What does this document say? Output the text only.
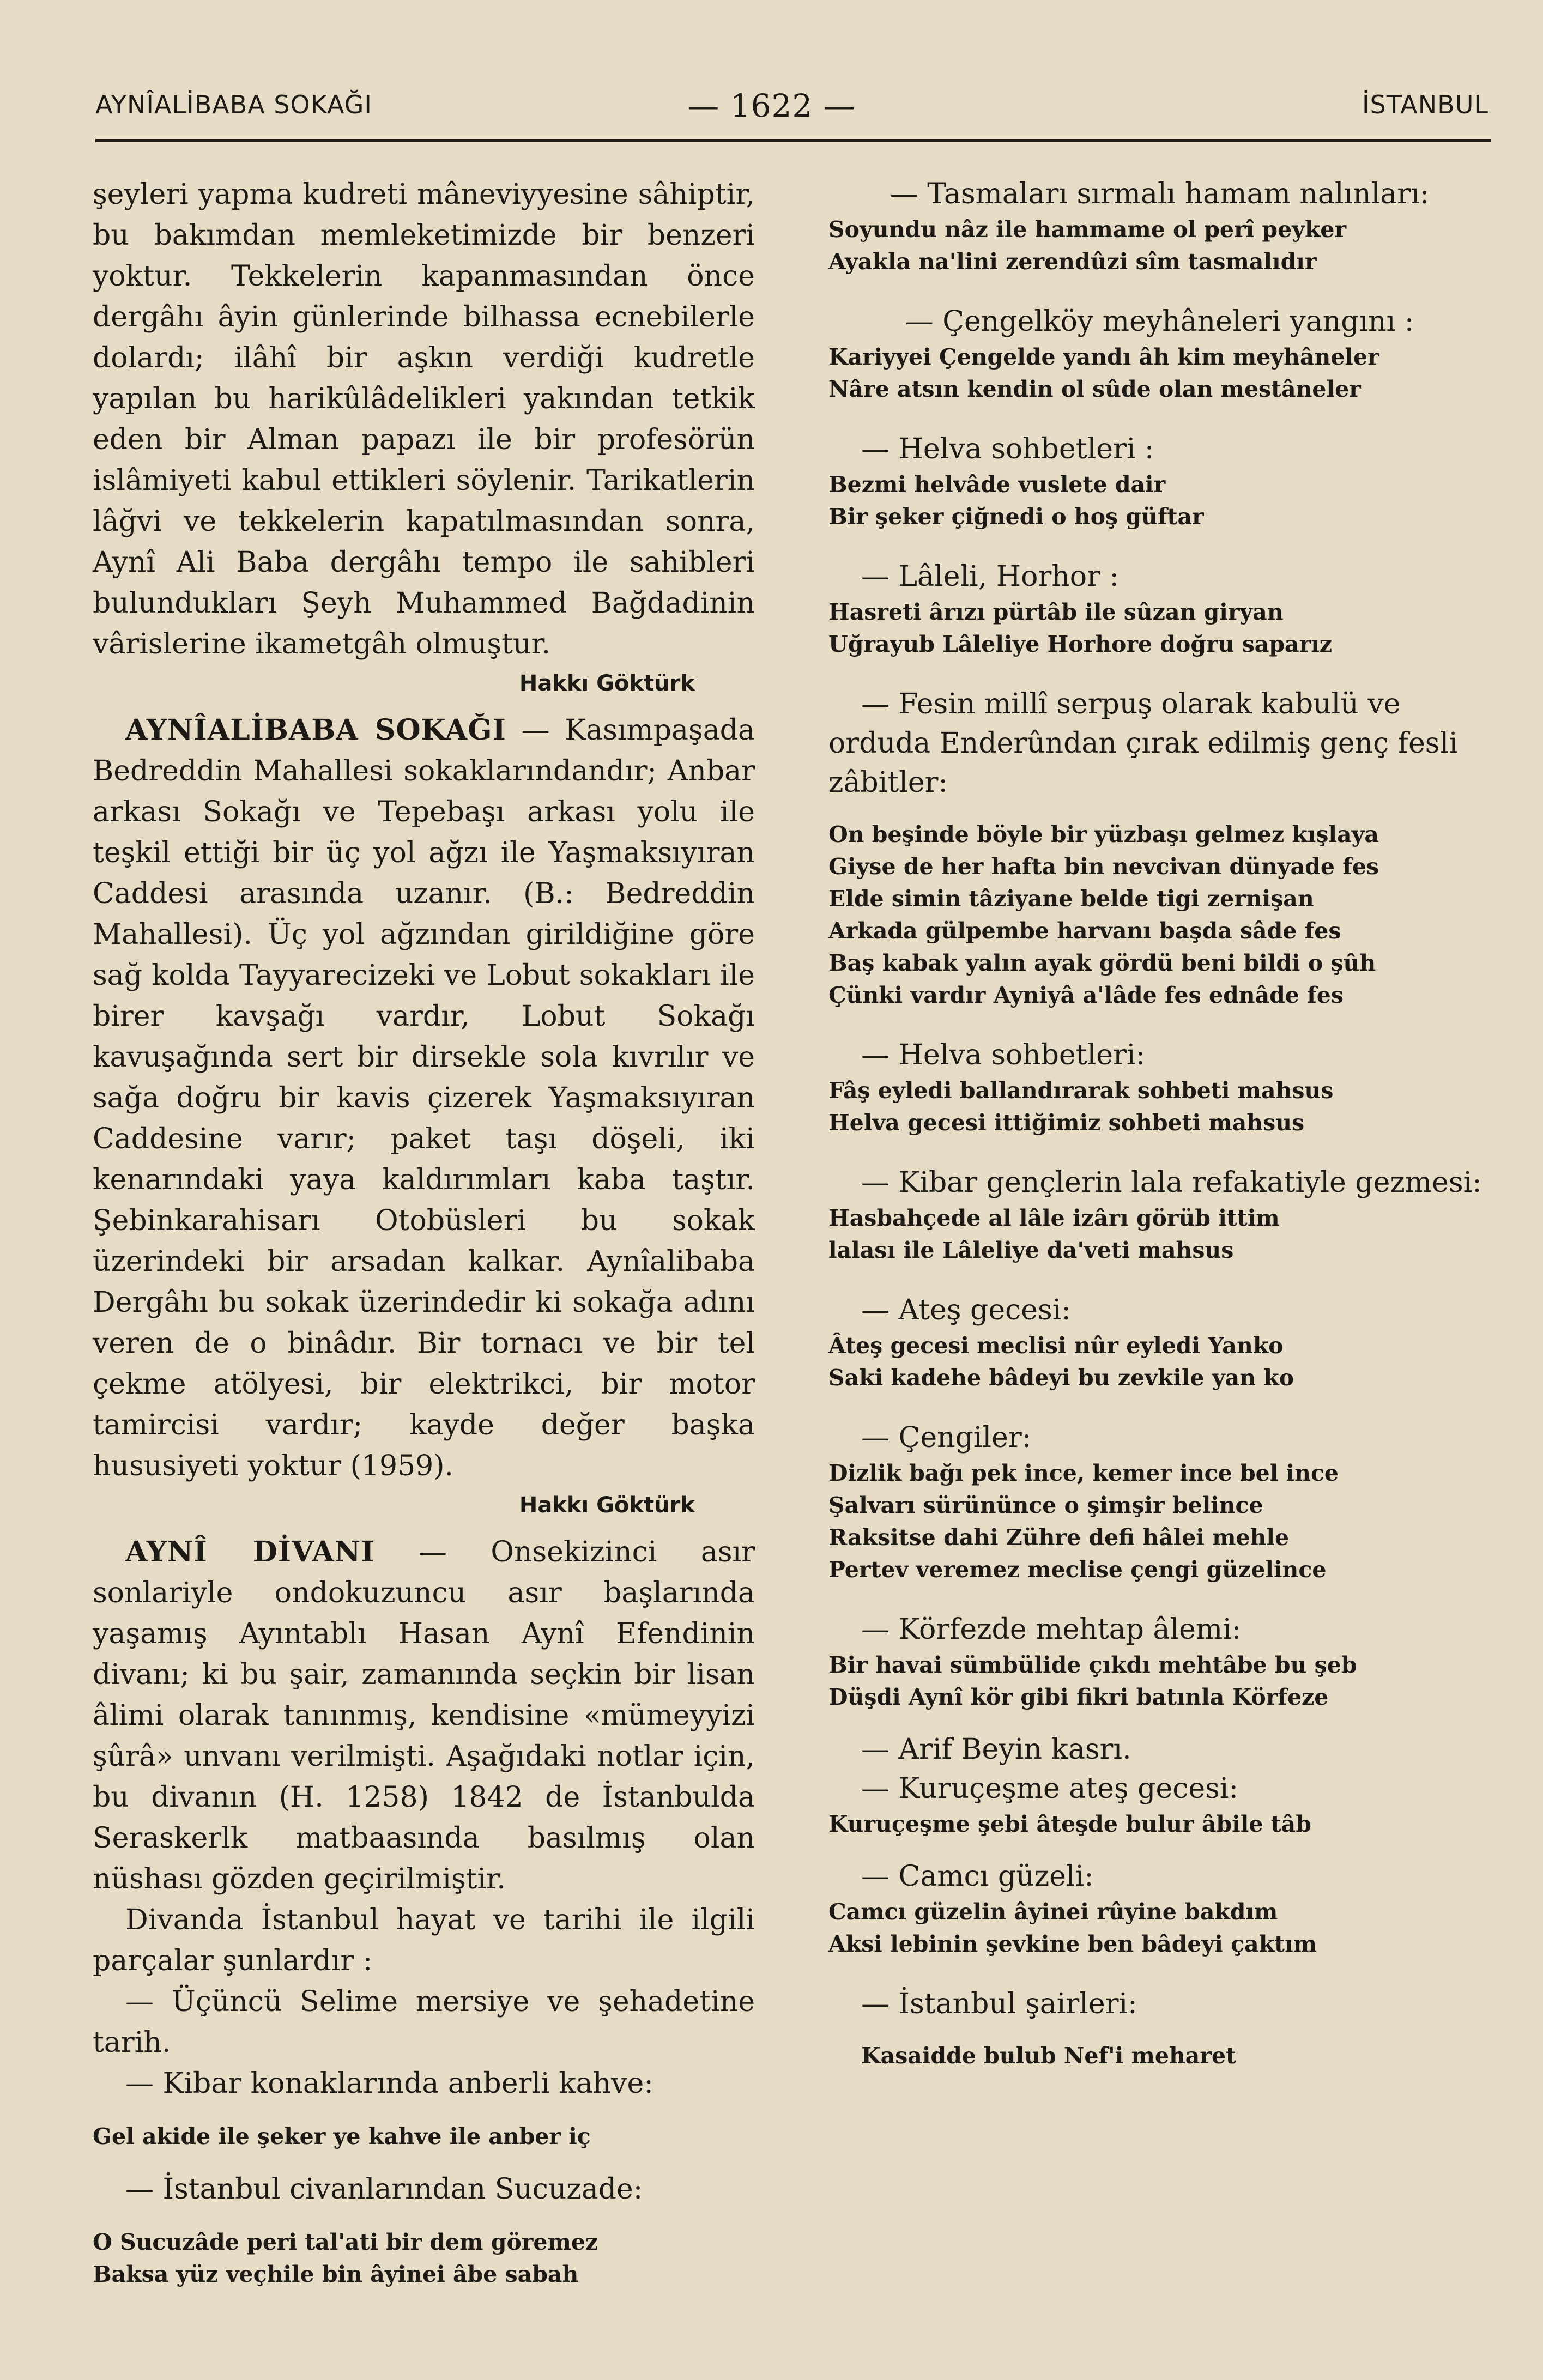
— 1622 —
AYNÎALİBABA SOKAĞI	İSTANBUL

şeyleri yapma kudreti mâneviyyesine sâhiptir, bu bakımdan memleketimizde bir benzeri yoktur. Tekkelerin kapanmasından önce dergâhı âyin günlerinde bilhassa ecnebilerle dolardı; ilâhî bir aşkın verdiği kudretle yapılan bu harikûlâdelikleri yakından tetkik eden bir Alman papazı ile bir profesörün islâmiyeti kabul ettikleri söylenir. Tarikatlerin lâğvi ve tekkelerin kapatılmasından sonra, Aynî Ali Baba dergâhı tempo ile sahibleri bulundukları Şeyh Muhammed Bağdadinin vârislerine ikametgâh olmuştur.

Hakkı Göktürk

AYNÎALİBABA SOKAĞI — Kasımpaşada Bedreddin Mahallesi sokaklarındandır; Anbar arkası Sokağı ve Tepebaşı arkası yolu ile teşkil ettiği bir üç yol ağzı ile Yaşmaksıyıran Caddesi arasında uzanır. (B.: Bedreddin Mahallesi). Üç yol ağzından girildiğine göre sağ kolda Tayyarecizeki ve Lobut sokakları ile birer kavşağı vardır, Lobut Sokağı kavuşağında sert bir dirsekle sola kıvrılır ve sağa doğru bir kavis çizerek Yaşmaksıyıran Caddesine varır; paket taşı döşeli, iki kenarındaki yaya kaldırımları kaba taştır. Şebinkarahisarı Otobüsleri bu sokak üzerindeki bir arsadan kalkar. Aynîalibaba Dergâhı bu sokak üzerindedir ki sokağa adını veren de o binâdır. Bir tornacı ve bir tel çekme atölyesi, bir elektrikci, bir motor tamircisi vardır; kayde değer başka hususiyeti yoktur (1959).

Hakkı Göktürk

AYNÎ DİVANI — Onsekizinci asır sonlariyle ondokuzuncu asır başlarında yaşamış Ayıntablı Hasan Aynî Efendinin divanı; ki bu şair, zamanında seçkin bir lisan âlimi olarak tanınmış, kendisine «mümeyyizi şûrâ» unvanı verilmişti. Aşağıdaki notlar için, bu divanın (H. 1258) 1842 de İstanbulda Seraskerlk matbaasında basılmış olan nüshası gözden geçirilmiştir.

Divanda İstanbul hayat ve tarihi ile ilgili parçalar şunlardır :

— Üçüncü Selime mersiye ve şehadetine tarih.

— Kibar konaklarında anberli kahve:

Gel akide ile şeker ye kahve ile anber iç

— İstanbul civanlarından Sucuzade:

O Sucuzâde peri tal'ati bir dem göremez

Baksa yüz veçhile bin âyinei âbe sabah

— Tasmaları sırmalı hamam nalınları:

Soyundu nâz ile hammame ol perî peyker

Ayakla na'lini zerendûzi sîm tasmalıdır

— Çengelköy meyhâneleri yangını :

Kariyyei Çengelde yandı âh kim meyhâneler

Nâre atsın kendin ol sûde olan mestâneler

— Helva sohbetleri :

Bezmi helvâde vuslete dair

Bir şeker çiğnedi o hoş güftar

— Lâleli, Horhor :

Hasreti ârızı pürtâb ile sûzan giryan

Uğrayub Lâleliye Horhore doğru saparız

— Fesin millî serpuş olarak kabulü ve orduda Enderûndan çırak edilmiş genç fesli zâbitler:

On beşinde böyle bir yüzbaşı gelmez kışlaya

Giyse de her hafta bin nevcivan dünyade fes

Elde simin tâziyane belde tigi zernişan

Arkada gülpembe harvanı başda sâde fes

Baş kabak yalın ayak gördü beni bildi o şûh

Çünki vardır Ayniyâ a'lâde fes ednâde fes

— Helva sohbetleri:

Fâş eyledi ballandırarak sohbeti mahsus

Helva gecesi ittiğimiz sohbeti mahsus

— Kibar gençlerin lala refakatiyle gezmesi:

Hasbahçede al lâle izârı görüb ittim

lalası ile Lâleliye da'veti mahsus

— Ateş gecesi:

Âteş gecesi meclisi nûr eyledi Yanko

Saki kadehe bâdeyi bu zevkile yan ko

— Çengiler:

Dizlik bağı pek ince, kemer ince bel ince

Şalvarı sürününce o şimşir belince

Raksitse dahi Zühre defi hâlei mehle

Pertev veremez meclise çengi güzelince

— Körfezde mehtap âlemi:

Bir havai sümbülide çıkdı mehtâbe bu şeb

Düşdi Aynî kör gibi fikri batınla Körfeze

— Arif Beyin kasrı.

— Kuruçeşme ateş gecesi:

Kuruçeşme şebi âteşde bulur âbile tâb

— Camcı güzeli:

Camcı güzelin âyinei rûyine bakdım

Aksi lebinin şevkine ben bâdeyi çaktım

— İstanbul şairleri:

Kasaidde bulub Nef'i meharet
